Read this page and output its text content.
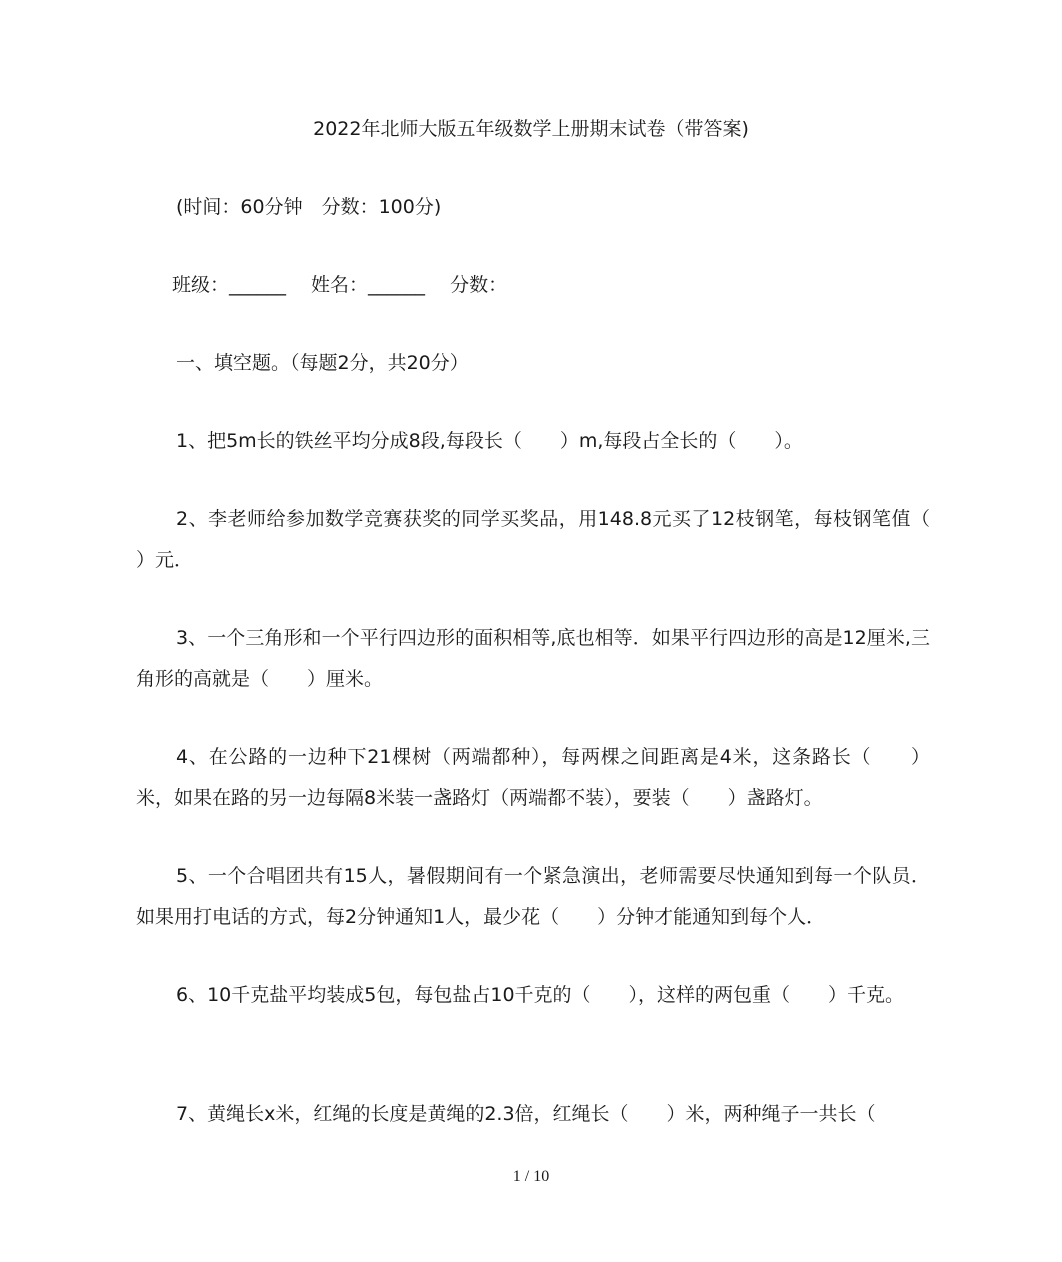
2022年北师大版五年级数学上册期末试卷（带答案)
(时间：60分钟　分数：100分)
班级：______　 姓名：______　 分数：
一、填空题。（每题2分，共20分）
1、把5m长的铁丝平均分成8段,每段长（　　）m,每段占全长的（　　）。
2、李老师给参加数学竞赛获奖的同学买奖品，用148.8元买了12枝钢笔，每枝钢笔值（　　）元．
3、一个三角形和一个平行四边形的面积相等,底也相等．如果平行四边形的高是12厘米,三角形的高就是（　　）厘米。
4、在公路的一边种下21棵树（两端都种），每两棵之间距离是4米，这条路长（　　）米，如果在路的另一边每隔8米装一盏路灯（两端都不装），要装（　　）盏路灯。
5、一个合唱团共有15人，暑假期间有一个紧急演出，老师需要尽快通知到每一个队员．如果用打电话的方式，每2分钟通知1人，最少花（　　）分钟才能通知到每个人．
6、10千克盐平均装成5包，每包盐占10千克的（　　），这样的两包重（　　）千克。
7、黄绳长x米，红绳的长度是黄绳的2.3倍，红绳长（　　）米，两种绳子一共长（
1 / 10
